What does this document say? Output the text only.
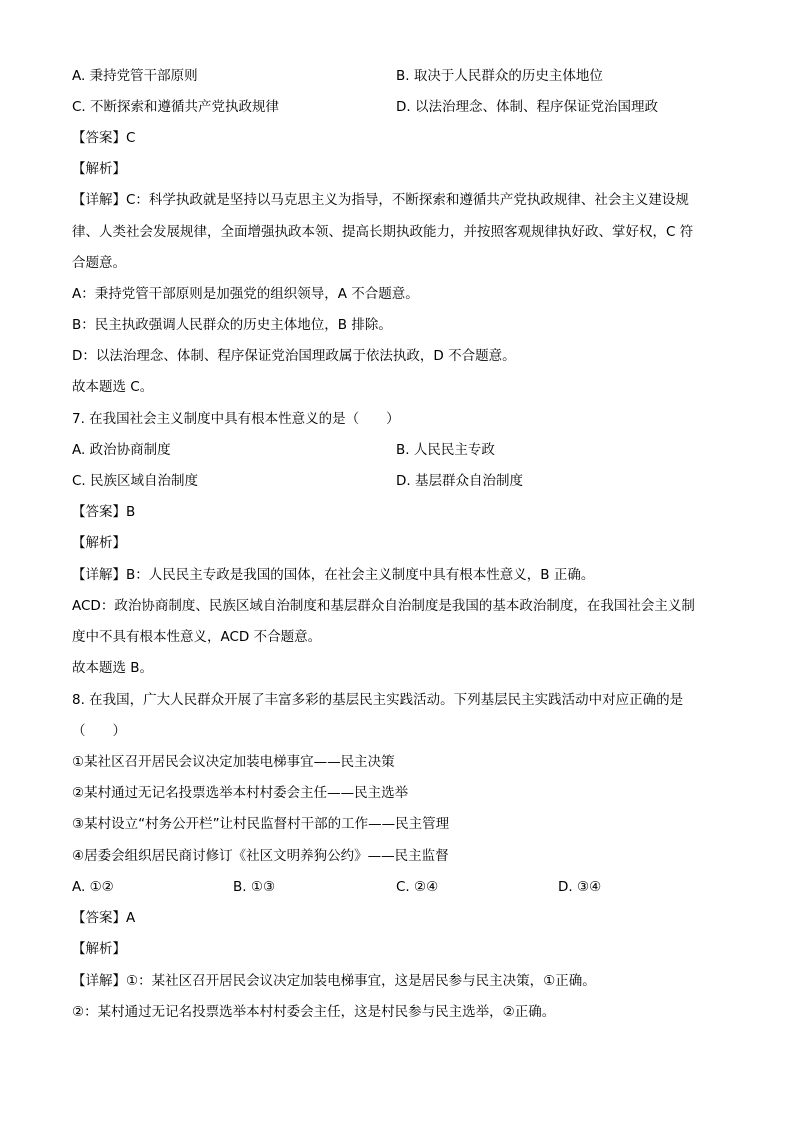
A. 秉持党管干部原则	B. 取决于人民群众的历史主体地位
C. 不断探索和遵循共产党执政规律	D. 以法治理念、体制、程序保证党治国理政
【答案】C
【解析】
【详解】C：科学执政就是坚持以马克思主义为指导，不断探索和遵循共产党执政规律、社会主义建设规
律、人类社会发展规律，全面增强执政本领、提高长期执政能力，并按照客观规律执好政、掌好权，C 符
合题意。
A：秉持党管干部原则是加强党的组织领导，A 不合题意。
B：民主执政强调人民群众的历史主体地位，B 排除。
D：以法治理念、体制、程序保证党治国理政属于依法执政，D 不合题意。
故本题选 C。
7. 在我国社会主义制度中具有根本性意义的是（　　）
A. 政治协商制度	B. 人民民主专政
C. 民族区域自治制度	D. 基层群众自治制度
【答案】B
【解析】
【详解】B：人民民主专政是我国的国体，在社会主义制度中具有根本性意义，B 正确。
ACD：政治协商制度、民族区域自治制度和基层群众自治制度是我国的基本政治制度，在我国社会主义制
度中不具有根本性意义，ACD 不合题意。
故本题选 B。
8. 在我国，广大人民群众开展了丰富多彩的基层民主实践活动。下列基层民主实践活动中对应正确的是
（　　）
①某社区召开居民会议决定加装电梯事宜——民主决策
②某村通过无记名投票选举本村村委会主任——民主选举
③某村设立“村务公开栏”让村民监督村干部的工作——民主管理
④居委会组织居民商讨修订《社区文明养狗公约》——民主监督
A. ①②	B. ①③	C. ②④	D. ③④
【答案】A
【解析】
【详解】①：某社区召开居民会议决定加装电梯事宜，这是居民参与民主决策，①正确。
②：某村通过无记名投票选举本村村委会主任，这是村民参与民主选举，②正确。
